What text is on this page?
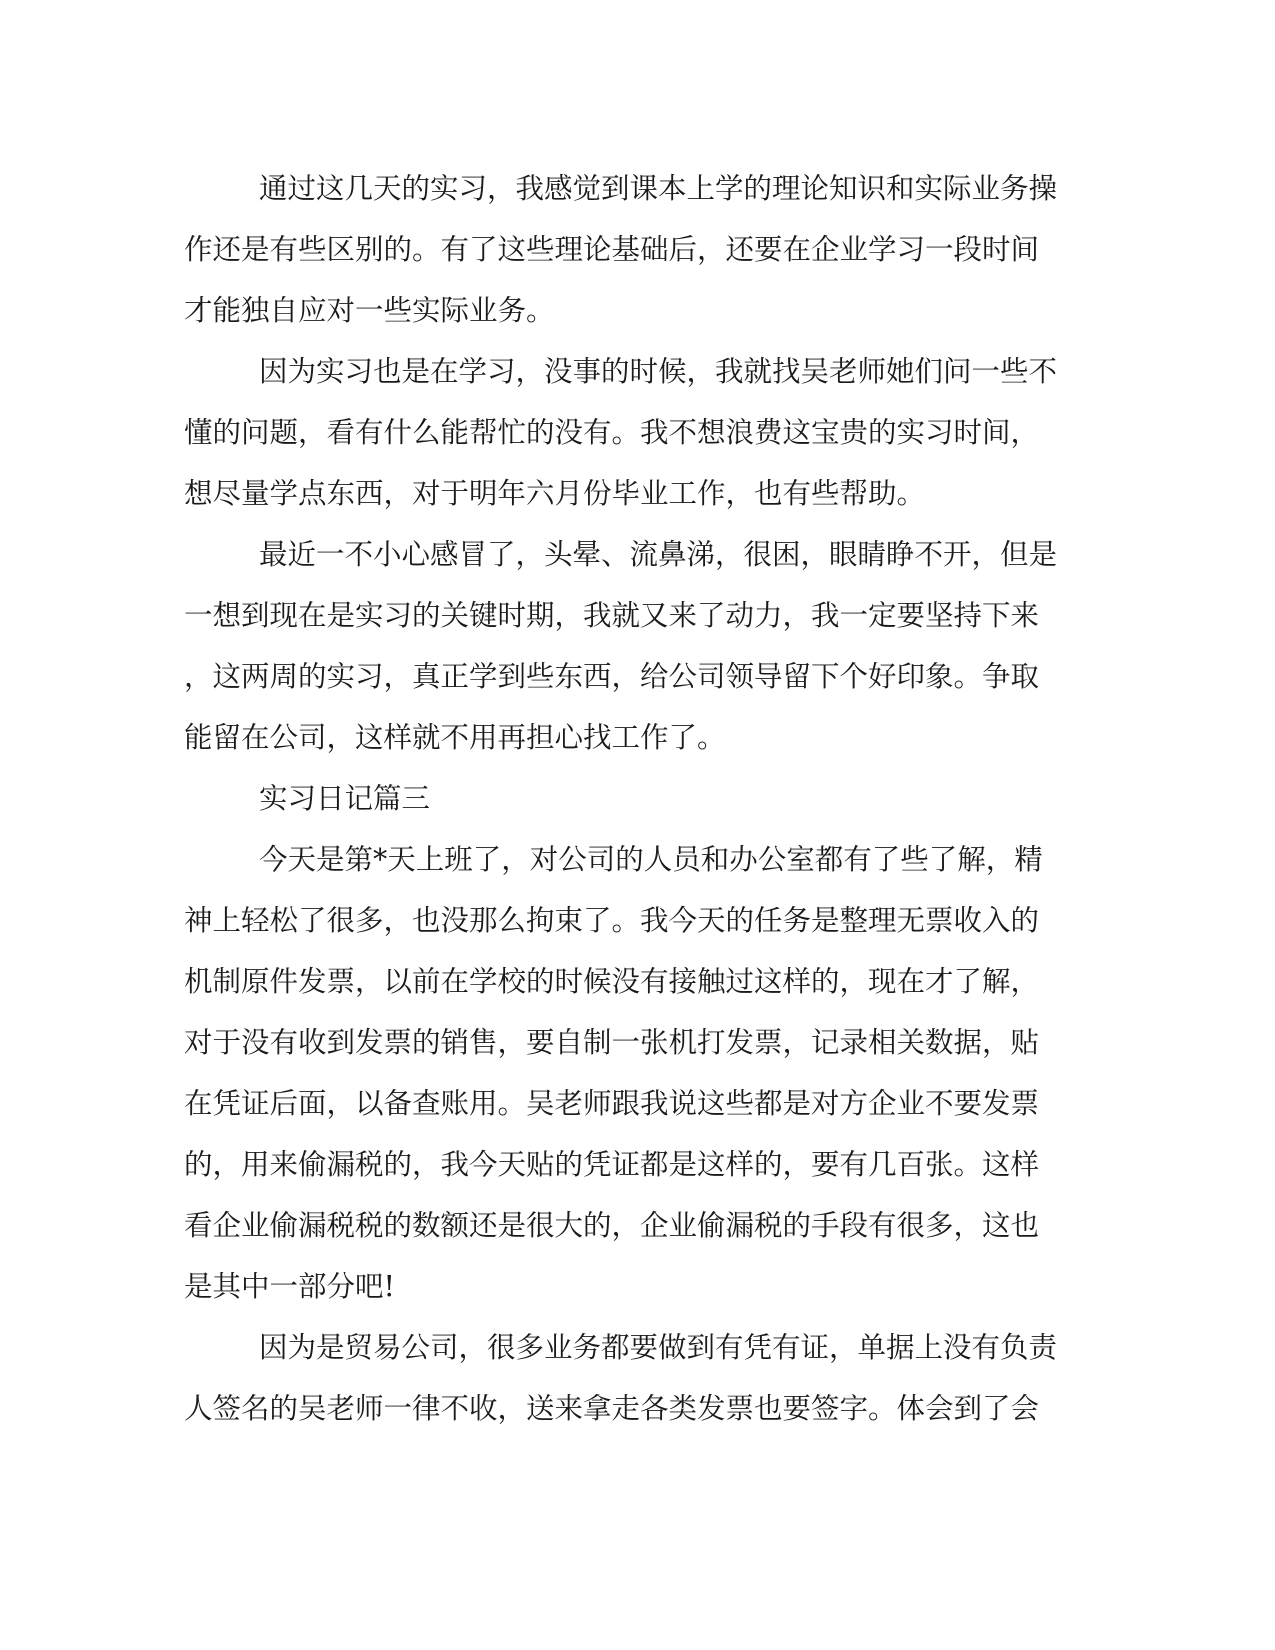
通过这几天的实习，我感觉到课本上学的理论知识和实际业务操
作还是有些区别的。有了这些理论基础后，还要在企业学习一段时间
才能独自应对一些实际业务。
因为实习也是在学习，没事的时候，我就找吴老师她们问一些不
懂的问题，看有什么能帮忙的没有。我不想浪费这宝贵的实习时间，
想尽量学点东西，对于明年六月份毕业工作，也有些帮助。
最近一不小心感冒了，头晕、流鼻涕，很困，眼睛睁不开，但是
一想到现在是实习的关键时期，我就又来了动力，我一定要坚持下来
，这两周的实习，真正学到些东西，给公司领导留下个好印象。争取
能留在公司，这样就不用再担心找工作了。
实习日记篇三
今天是第*天上班了，对公司的人员和办公室都有了些了解，精
神上轻松了很多，也没那么拘束了。我今天的任务是整理无票收入的
机制原件发票，以前在学校的时候没有接触过这样的，现在才了解，
对于没有收到发票的销售，要自制一张机打发票，记录相关数据，贴
在凭证后面，以备查账用。吴老师跟我说这些都是对方企业不要发票
的，用来偷漏税的，我今天贴的凭证都是这样的，要有几百张。这样
看企业偷漏税税的数额还是很大的，企业偷漏税的手段有很多，这也
是其中一部分吧!
因为是贸易公司，很多业务都要做到有凭有证，单据上没有负责
人签名的吴老师一律不收，送来拿走各类发票也要签字。体会到了会
